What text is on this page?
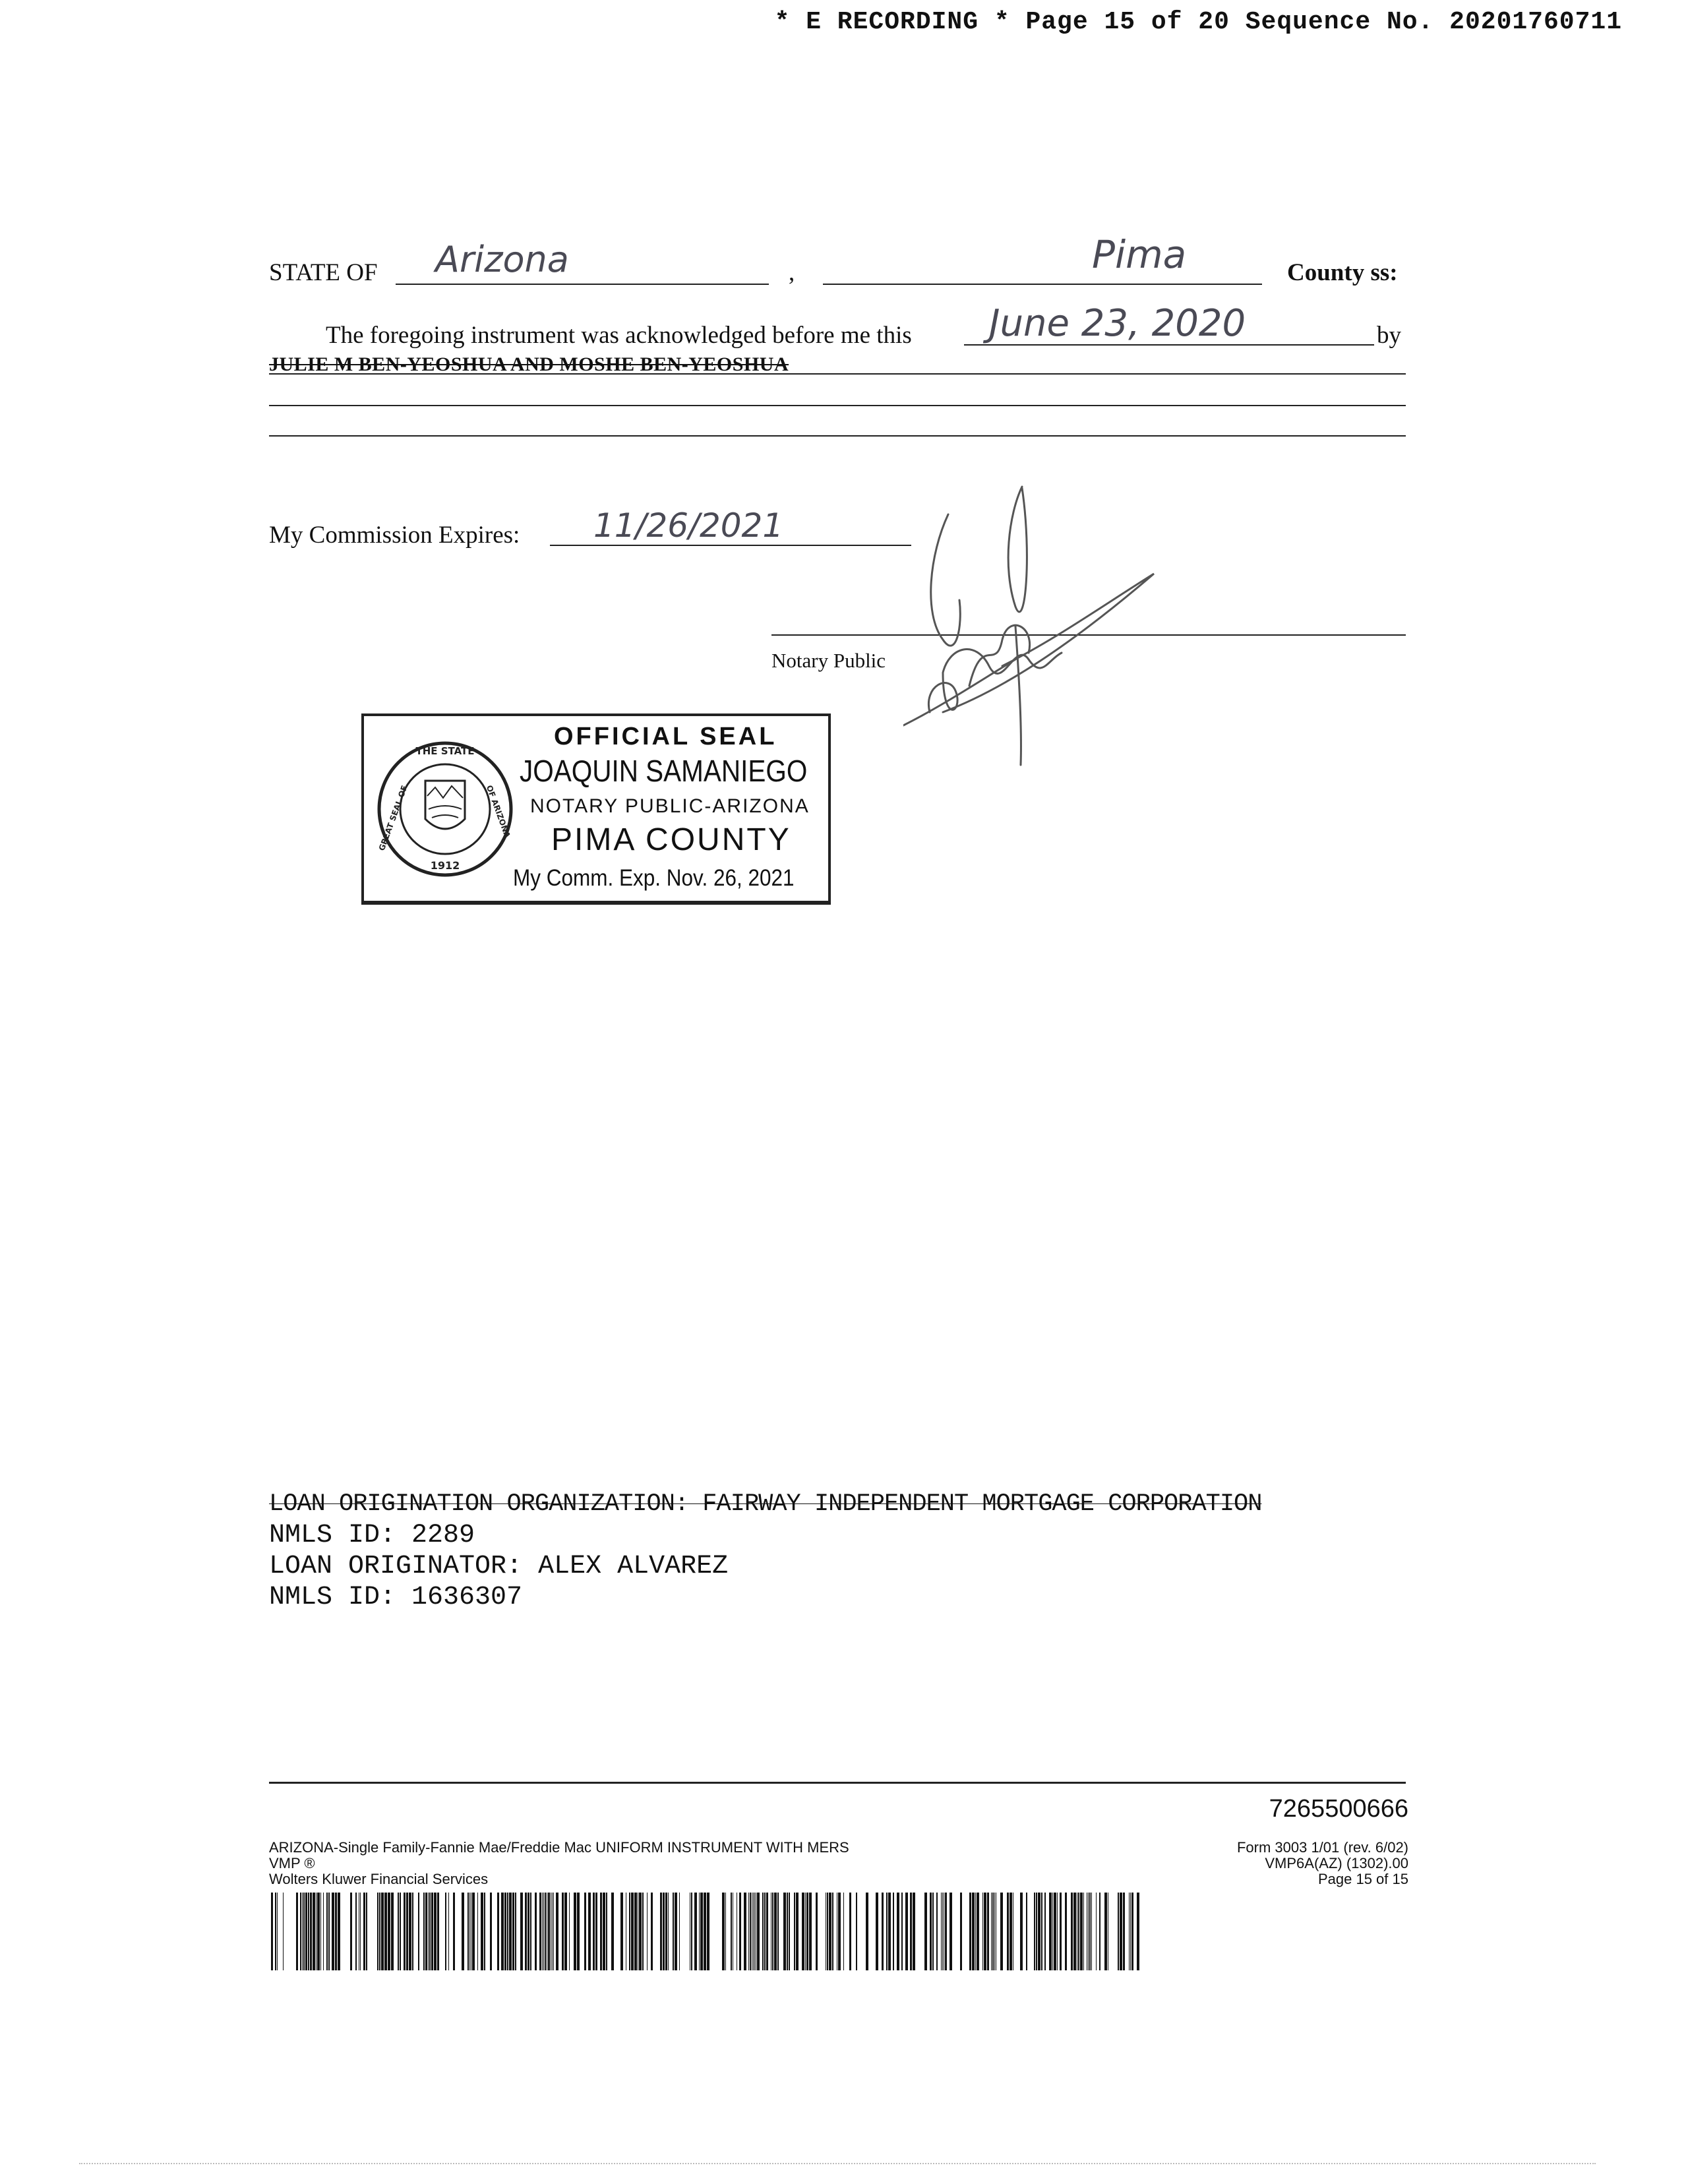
* E RECORDING * Page 15 of 20 Sequence No. 20201760711
STATE OF Arizona	,	Pima	County ss:
The foregoing instrument was acknowledged before me this June 23, 2020	by
JULIE M BEN-YEOSHUA AND MOSHE BEN-YEOSHUA
My Commission Expires: 11/26/2021
Notary Public
THE STATE
GREAT SEAL OF	OF ARIZONA
1912
OFFICIAL SEAL
JOAQUIN SAMANIEGO
NOTARY PUBLIC-ARIZONA
PIMA COUNTY
My Comm. Exp. Nov. 26, 2021
LOAN ORIGINATION ORGANIZATION: FAIRWAY INDEPENDENT MORTGAGE CORPORATION
NMLS ID: 2289
LOAN ORIGINATOR: ALEX ALVAREZ
NMLS ID: 1636307
7265500666
ARIZONA-Single Family-Fannie Mae/Freddie Mac UNIFORM INSTRUMENT WITH MERS
VMP ®
Wolters Kluwer Financial Services
Form 3003 1/01 (rev. 6/02)
VMP6A(AZ) (1302).00
Page 15 of 15
